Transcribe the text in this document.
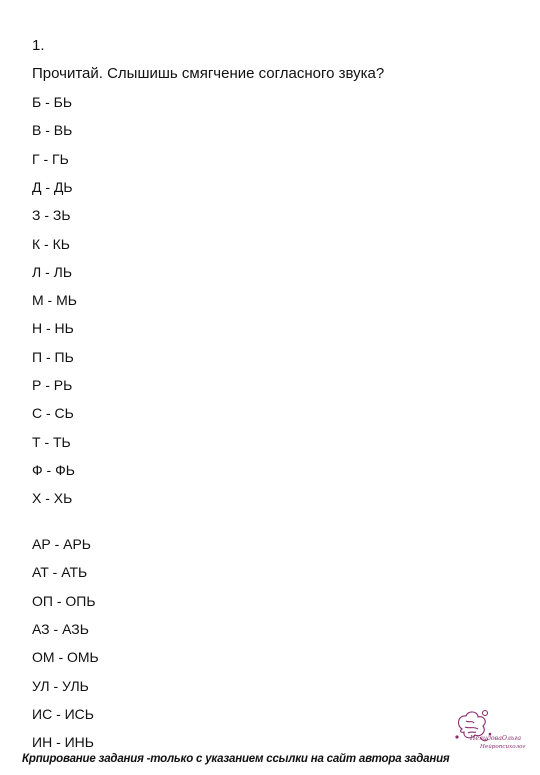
1.
Прочитай. Слышишь смягчение согласного звука?
Б - БЬ
В - ВЬ
Г - ГЬ
Д - ДЬ
З - ЗЬ
К - КЬ
Л - ЛЬ
М - МЬ
Н - НЬ
П - ПЬ
Р - РЬ
С - СЬ
Т - ТЬ
Ф - ФЬ
Х - ХЬ
АР - АРЬ
АТ - АТЬ
ОП - ОПЬ
АЗ - АЗЬ
ОМ - ОМЬ
УЛ - УЛЬ
ИС - ИСЬ
ИН - ИНЬ	НелидоваОльга
Нейропсихолог
Крпирование задания -только с указанием ссылки на сайт автора задания
